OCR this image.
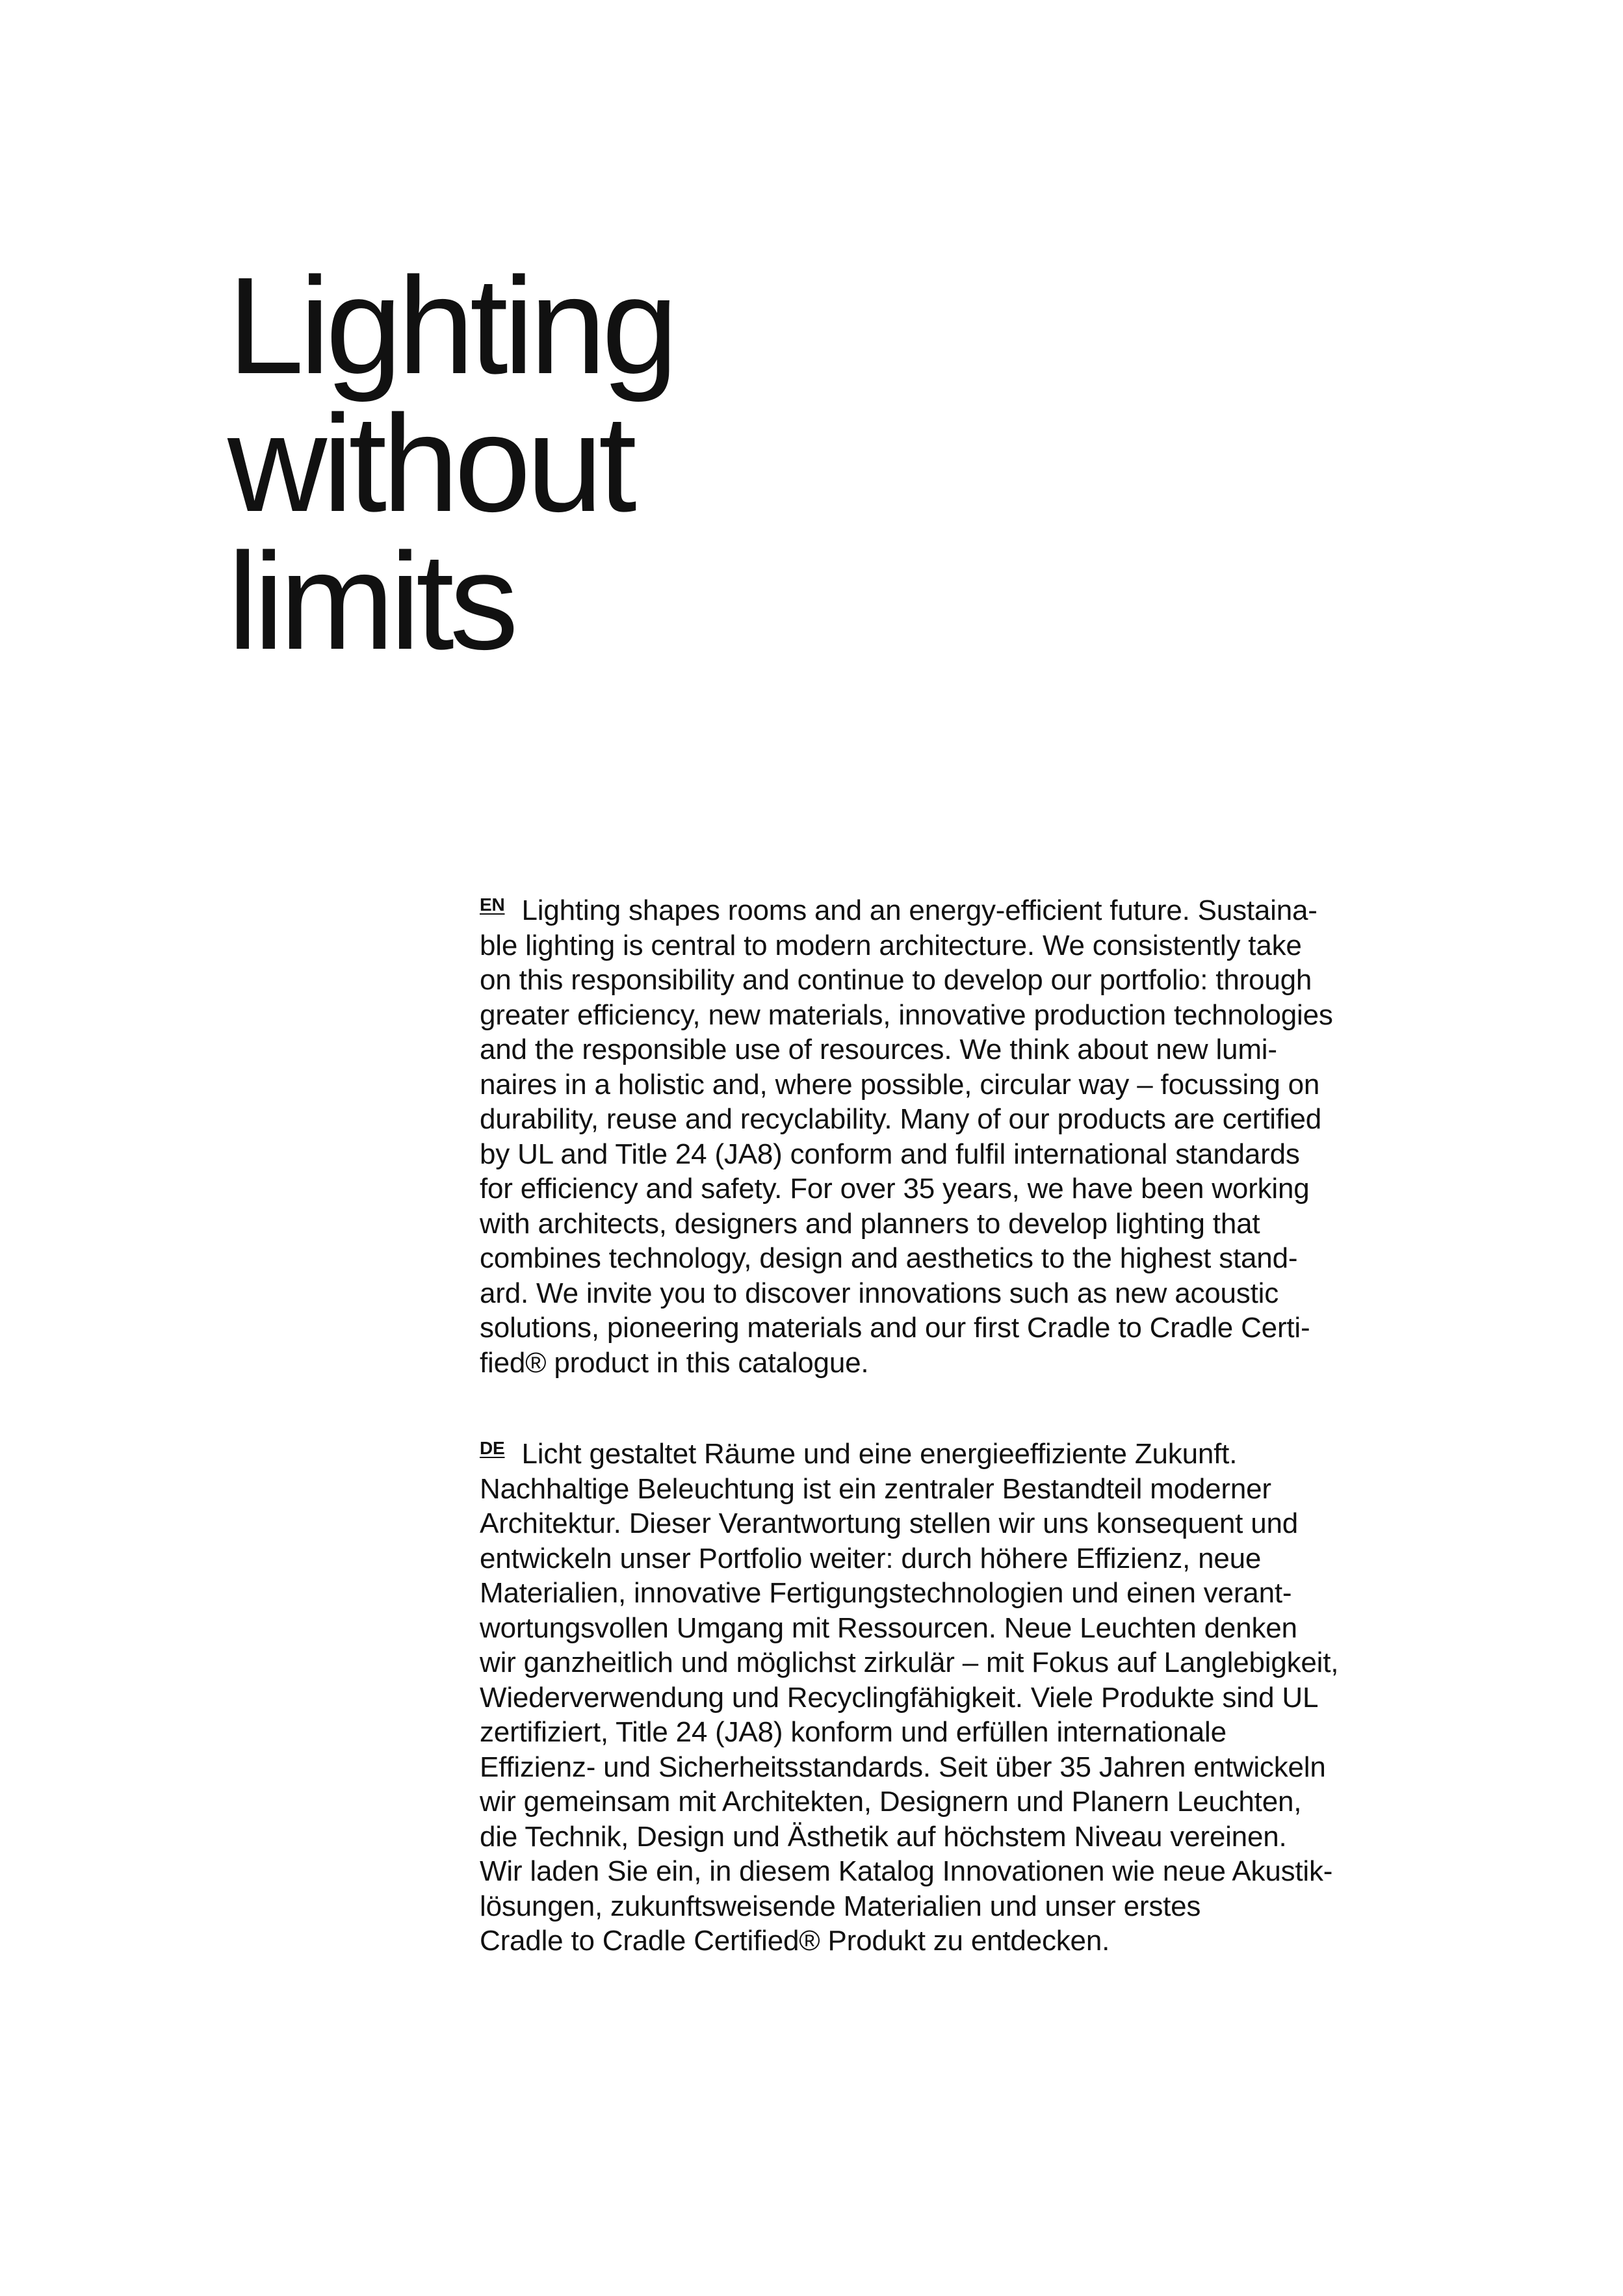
Lighting
without
limits
EN Lighting shapes rooms and an energy-efficient future. Sustaina-
ble lighting is central to modern architecture. We consistently take
on this responsibility and continue to develop our portfolio: through
greater efficiency, new materials, innovative production technologies
and the responsible use of resources. We think about new lumi-
naires in a holistic and, where possible, circular way – focussing on
durability, reuse and recyclability. Many of our products are certified
by UL and Title 24 (JA8) conform and fulfil international standards
for efficiency and safety. For over 35 years, we have been working
with architects, designers and planners to develop lighting that
combines technology, design and aesthetics to the highest stand-
ard. We invite you to discover innovations such as new acoustic
solutions, pioneering materials and our first Cradle to Cradle Certi-
fied® product in this catalogue.
DE Licht gestaltet Räume und eine energieeffiziente Zukunft.
Nachhaltige Beleuchtung ist ein zentraler Bestandteil moderner
Architektur. Dieser Verantwortung stellen wir uns konsequent und
entwickeln unser Portfolio weiter: durch höhere Effizienz, neue
Materialien, innovative Fertigungstechnologien und einen verant-
wortungsvollen Umgang mit Ressourcen. Neue Leuchten denken
wir ganzheitlich und möglichst zirkulär – mit Fokus auf Langlebigkeit,
Wiederverwendung und Recyclingfähigkeit. Viele Produkte sind UL
zertifiziert, Title 24 (JA8) konform und erfüllen internationale
Effizienz- und Sicherheitsstandards. Seit über 35 Jahren entwickeln
wir gemeinsam mit Architekten, Designern und Planern Leuchten,
die Technik, Design und Ästhetik auf höchstem Niveau vereinen.
Wir laden Sie ein, in diesem Katalog Innovationen wie neue Akustik-
lösungen, zukunftsweisende Materialien und unser erstes
Cradle to Cradle Certified® Produkt zu entdecken.
